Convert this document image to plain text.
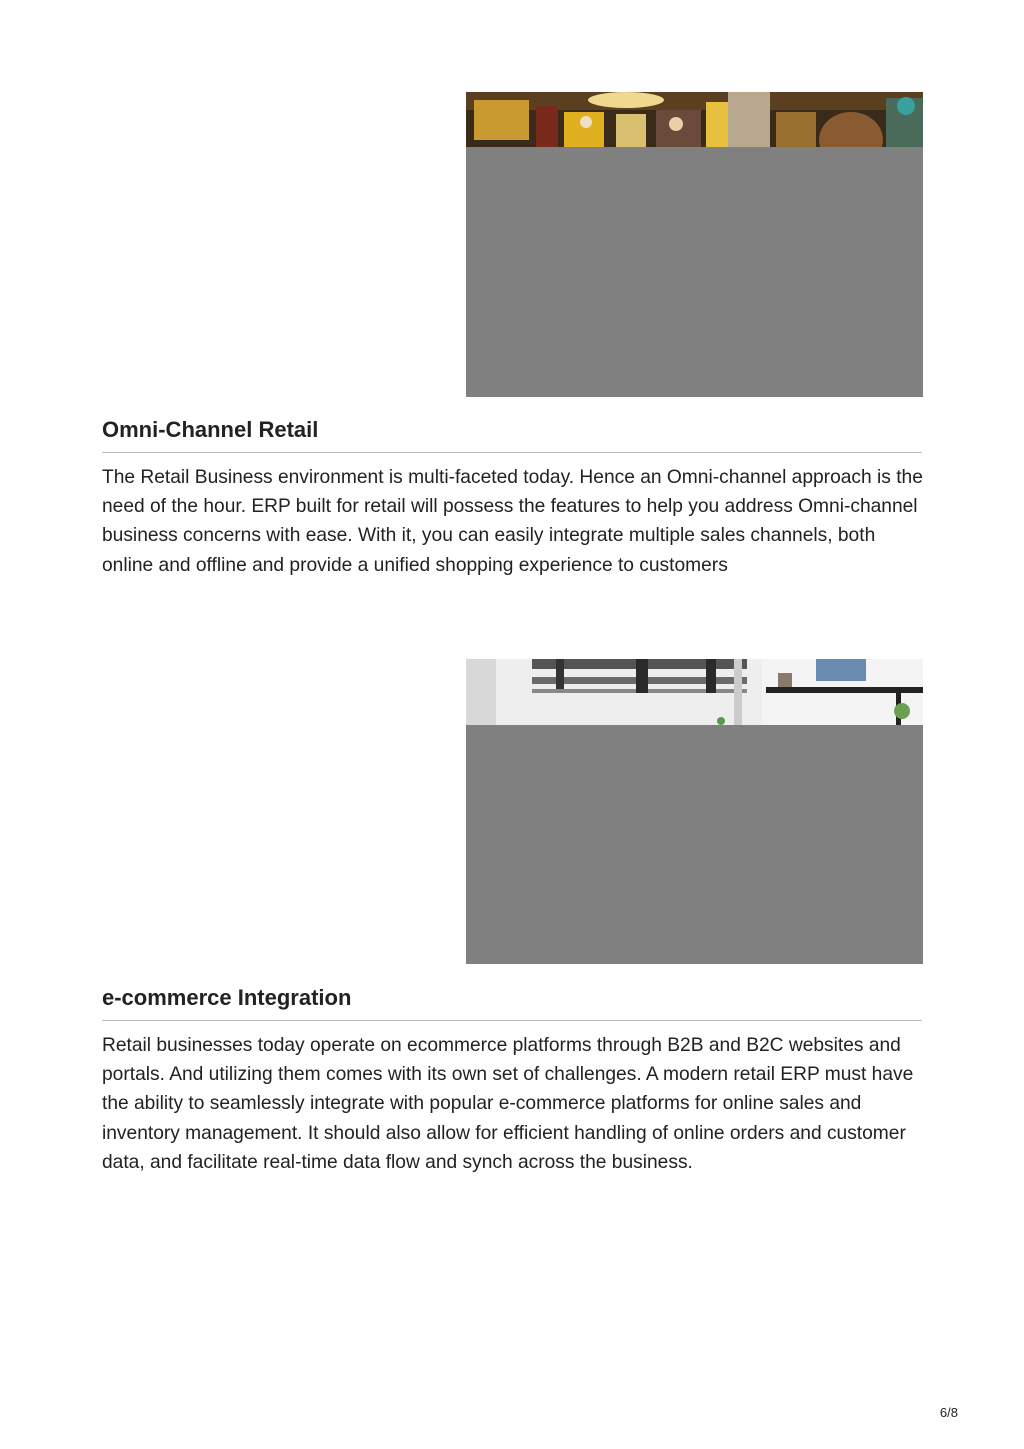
Omni-Channel Retail

The Retail Business environment is multi-faceted today. Hence an Omni-channel approach is the need of the hour. ERP built for retail will possess the features to help you address Omni-channel business concerns with ease. With it, you can easily integrate multiple sales channels, both online and offline and provide a unified shopping experience to customers

e-commerce Integration

Retail businesses today operate on ecommerce platforms through B2B and B2C websites and portals. And utilizing them comes with its own set of challenges. A modern retail ERP must have the ability to seamlessly integrate with popular e-commerce platforms for online sales and inventory management. It should also allow for efficient handling of online orders and customer data, and facilitate real-time data flow and synch across the business.

6/8
